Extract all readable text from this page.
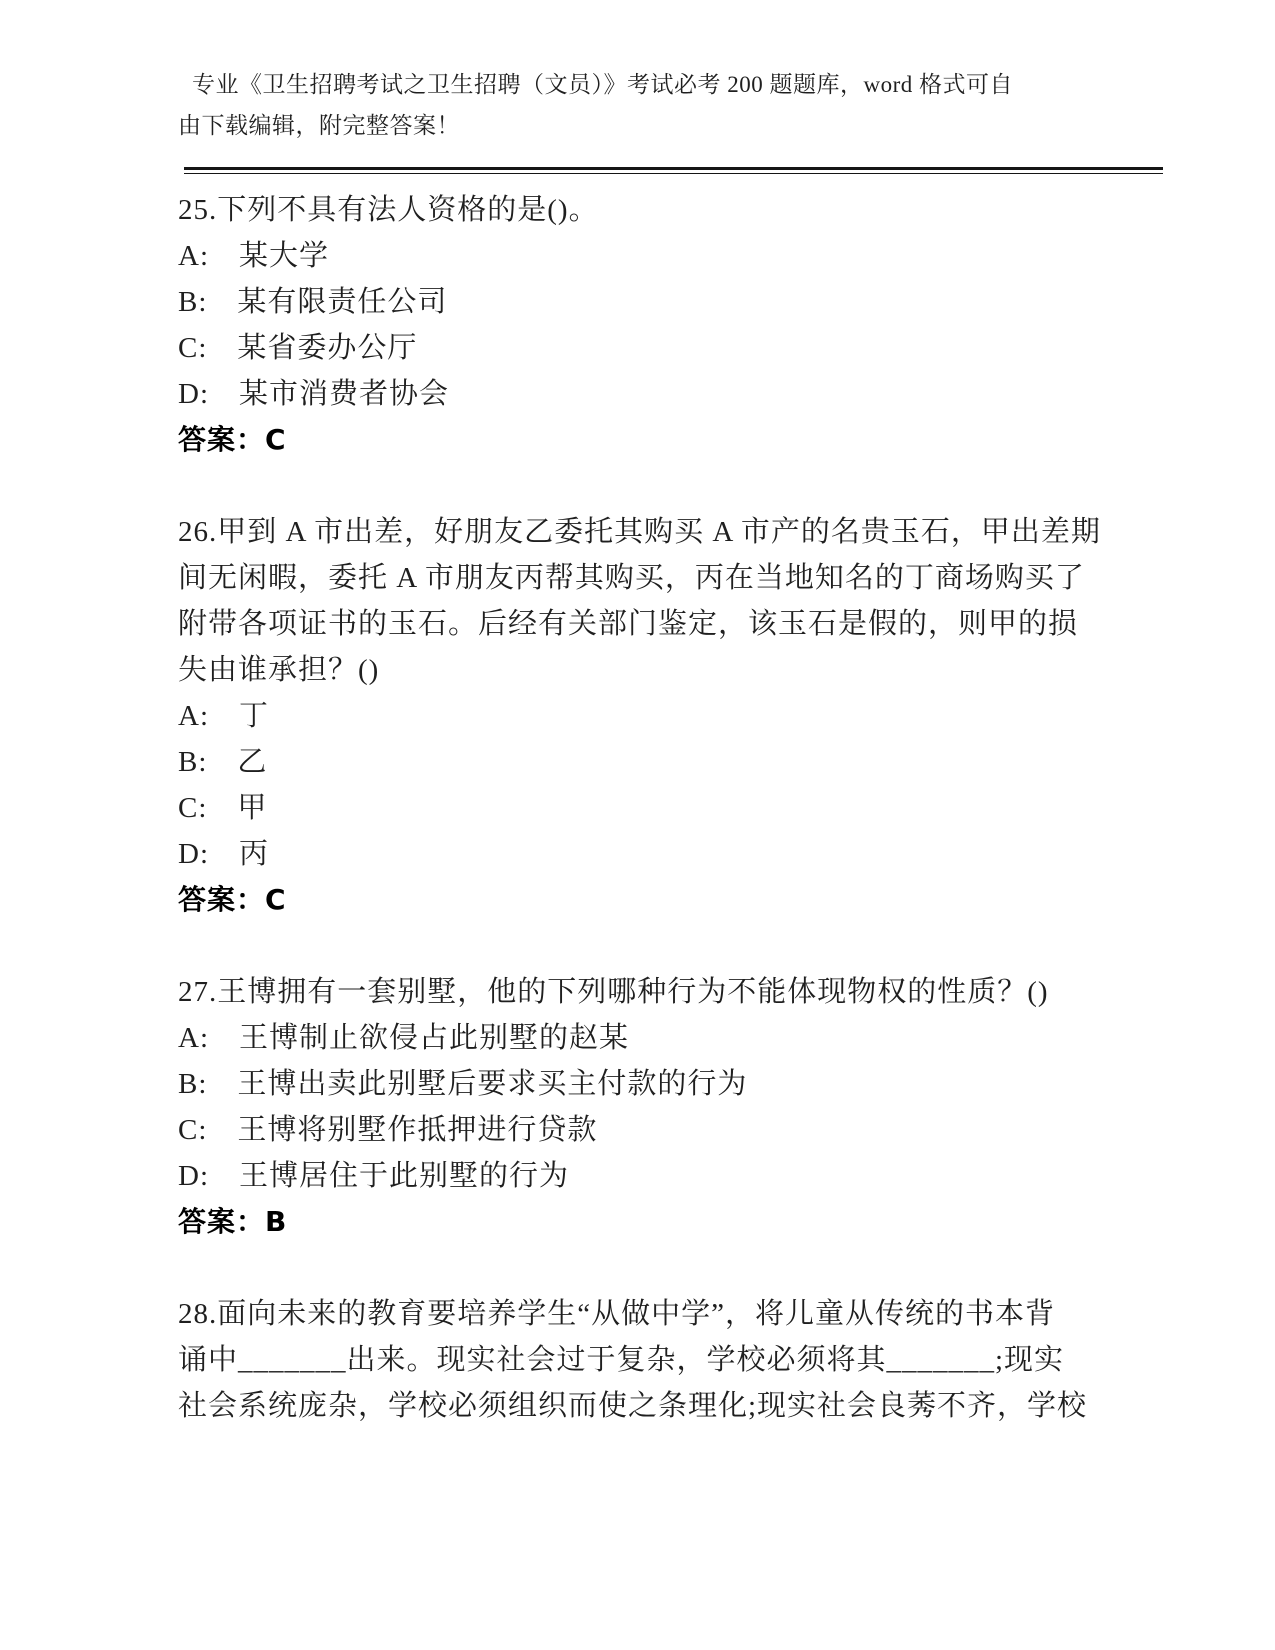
专业《卫生招聘考试之卫生招聘（文员）》考试必考 200 题题库，word 格式可自
由下载编辑，附完整答案！
25.下列不具有法人资格的是()。
A:　某大学
B:　某有限责任公司
C:　某省委办公厅
D:　某市消费者协会
答案：C
26.甲到 A 市出差，好朋友乙委托其购买 A 市产的名贵玉石，甲出差期
间无闲暇，委托 A 市朋友丙帮其购买，丙在当地知名的丁商场购买了
附带各项证书的玉石。后经有关部门鉴定，该玉石是假的，则甲的损
失由谁承担？()
A:　丁
B:　乙
C:　甲
D:　丙
答案：C
27.王博拥有一套别墅，他的下列哪种行为不能体现物权的性质？()
A:　王博制止欲侵占此别墅的赵某
B:　王博出卖此别墅后要求买主付款的行为
C:　王博将别墅作抵押进行贷款
D:　王博居住于此别墅的行为
答案：B
28.面向未来的教育要培养学生“从做中学”，将儿童从传统的书本背
诵中_______出来。现实社会过于复杂，学校必须将其_______;现实
社会系统庞杂，学校必须组织而使之条理化;现实社会良莠不齐，学校
